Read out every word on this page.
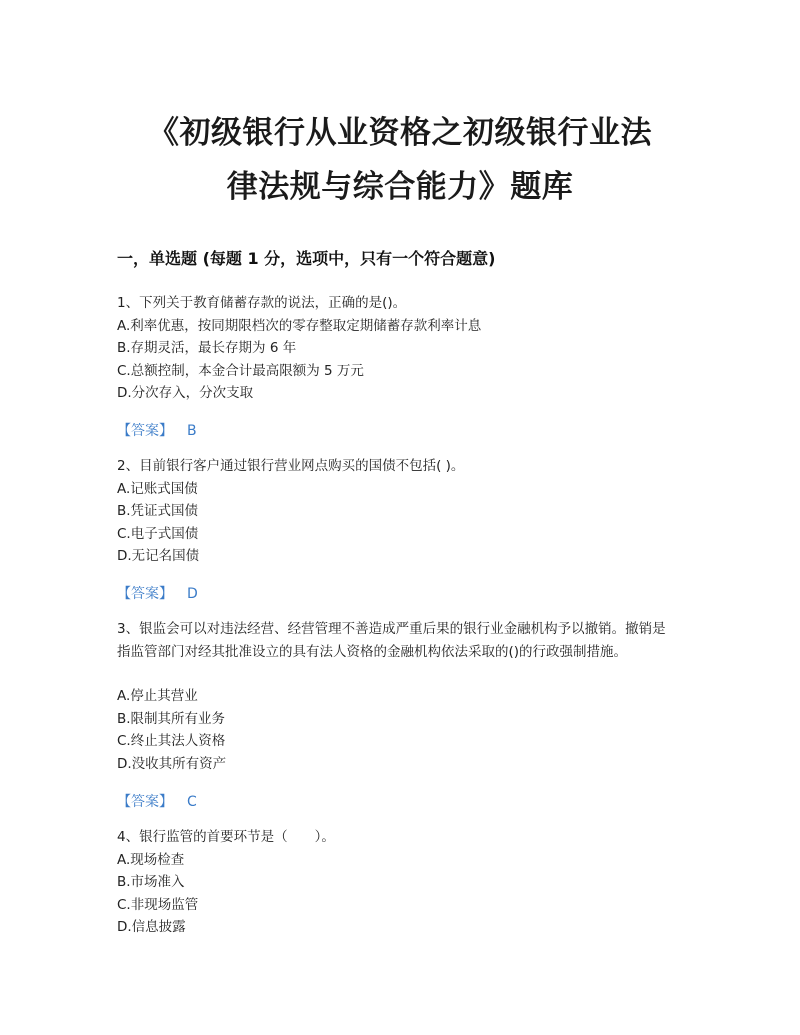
《初级银行从业资格之初级银行业法
律法规与综合能力》题库
一，单选题 (每题 1 分，选项中，只有一个符合题意)
1、下列关于教育储蓄存款的说法，正确的是()。
A.利率优惠，按同期限档次的零存整取定期储蓄存款利率计息
B.存期灵活，最长存期为 6 年
C.总额控制，本金合计最高限额为 5 万元
D.分次存入，分次支取
【答案】 B
2、目前银行客户通过银行营业网点购买的国债不包括( )。
A.记账式国债
B.凭证式国债
C.电子式国债
D.无记名国债
【答案】 D
3、银监会可以对违法经营、经营管理不善造成严重后果的银行业金融机构予以撤销。撤销是指监管部门对经其批准设立的具有法人资格的金融机构依法采取的()的行政强制措施。
A.停止其营业
B.限制其所有业务
C.终止其法人资格
D.没收其所有资产
【答案】 C
4、银行监管的首要环节是（　　）。
A.现场检查
B.市场准入
C.非现场监管
D.信息披露
